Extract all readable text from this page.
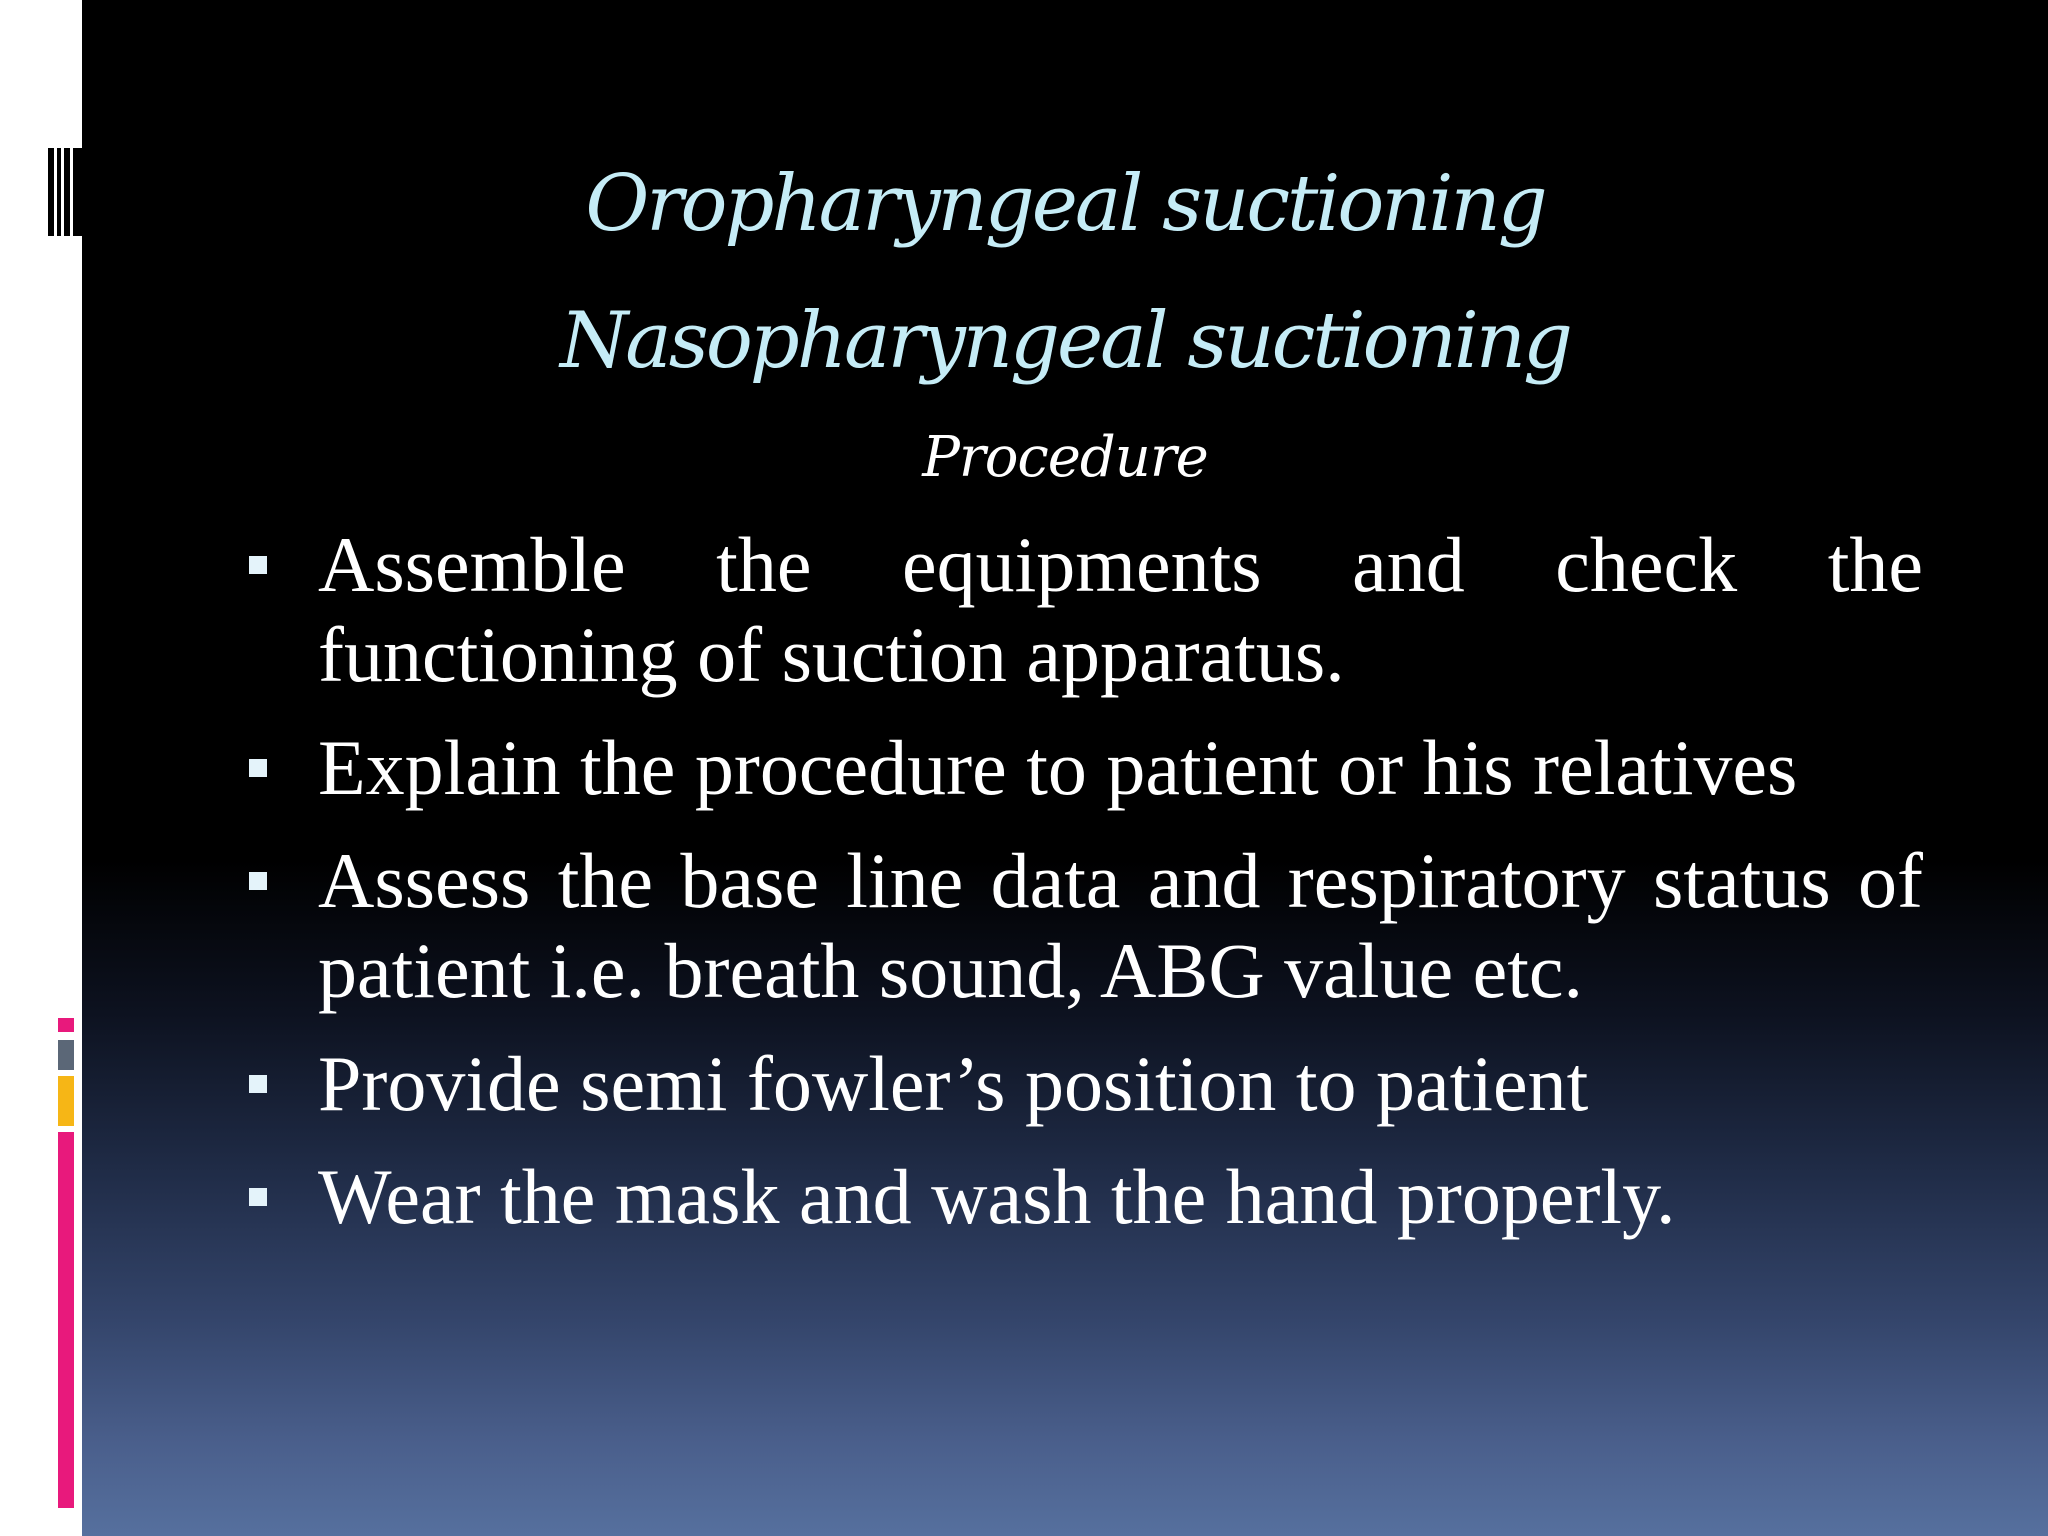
Oropharyngeal suctioning
Nasopharyngeal suctioning
Procedure
Assemble the equipments and check the functioning of suction apparatus.
Explain the procedure to patient or his relatives
Assess the base line data and respiratory status of patient i.e. breath sound, ABG value etc.
Provide semi fowler’s position to patient
Wear the mask and wash the hand properly.
